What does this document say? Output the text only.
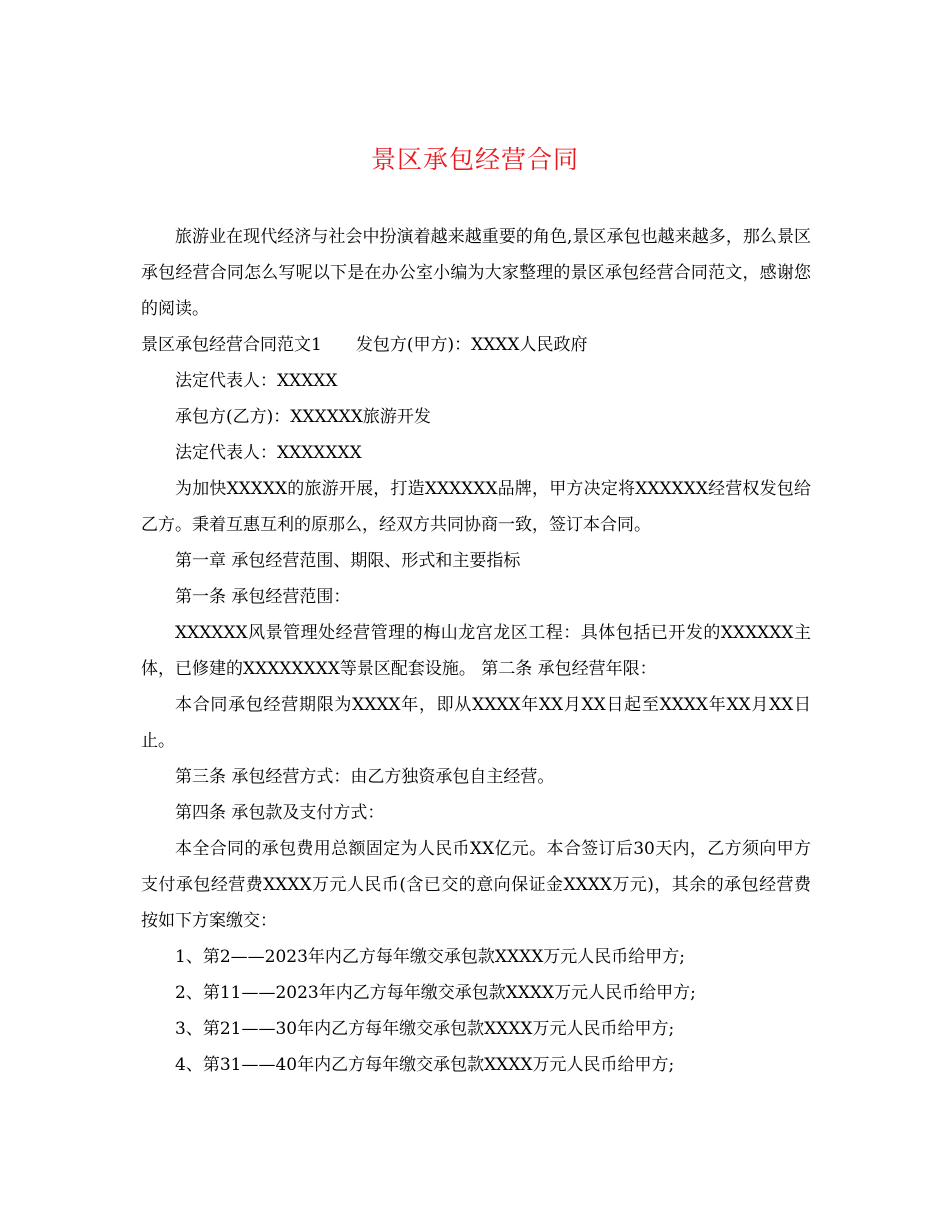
景区承包经营合同

旅游业在现代经济与社会中扮演着越来越重要的角色,景区承包也越来越多，那么景区承包经营合同怎么写呢以下是在办公室小编为大家整理的景区承包经营合同范文，感谢您的阅读。

景区承包经营合同范文1 发包方(甲方)：XXXX人民政府

法定代表人：XXXXX

承包方(乙方)：XXXXXX旅游开发

法定代表人：XXXXXXX

为加快XXXXX的旅游开展，打造XXXXXX品牌，甲方决定将XXXXXX经营权发包给乙方。秉着互惠互利的原那么，经双方共同协商一致，签订本合同。

第一章 承包经营范围、期限、形式和主要指标

第一条 承包经营范围：

XXXXXX风景管理处经营管理的梅山龙宫龙区工程：具体包括已开发的XXXXXX主体，已修建的XXXXXXXX等景区配套设施。 第二条 承包经营年限：

本合同承包经营期限为XXXX年，即从XXXX年XX月XX日起至XXXX年XX月XX日止。

第三条 承包经营方式：由乙方独资承包自主经营。

第四条 承包款及支付方式：

本全合同的承包费用总额固定为人民币XX亿元。本合签订后30天内，乙方须向甲方支付承包经营费XXXX万元人民币(含已交的意向保证金XXXX万元)，其余的承包经营费按如下方案缴交：

1、第2——2023年内乙方每年缴交承包款XXXX万元人民币给甲方;

2、第11——2023年内乙方每年缴交承包款XXXX万元人民币给甲方;

3、第21——30年内乙方每年缴交承包款XXXX万元人民币给甲方;

4、第31——40年内乙方每年缴交承包款XXXX万元人民币给甲方;
